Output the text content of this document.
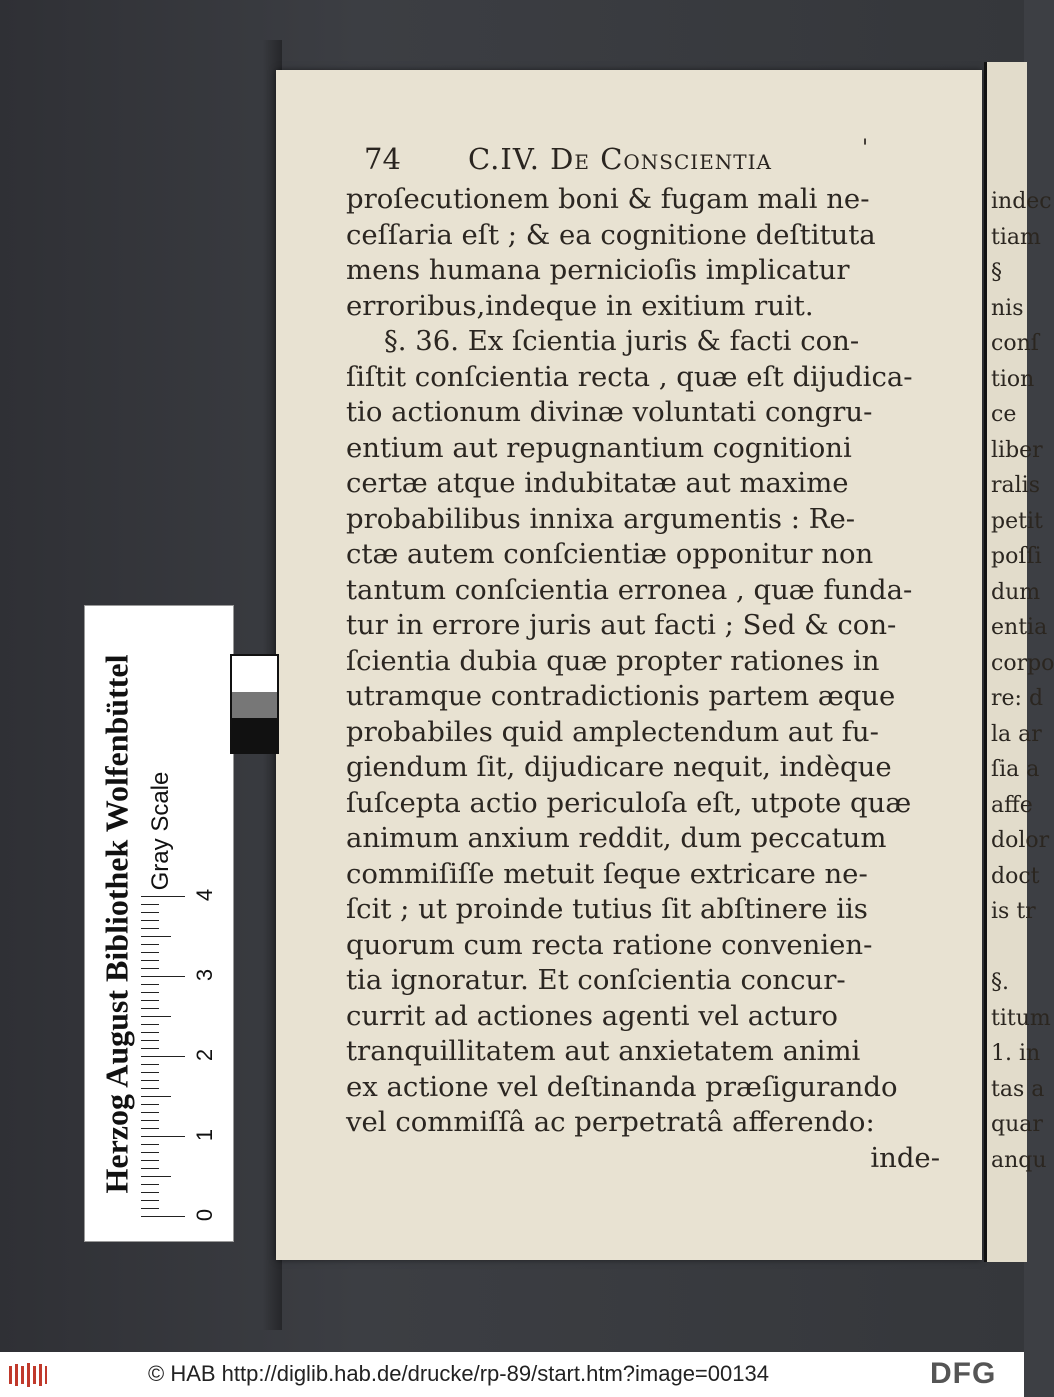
74 C.IV. De Conscientia	'
proſecutionem boni & fugam mali ne-
ceſſaria eſt ; & ea cognitione deſtituta
mens humana pernicioſis implicatur
erroribus,indeque in exitium ruit.
§. 36. Ex ſcientia juris & facti con-
ſiſtit conſcientia recta , quæ eſt dijudica-
tio actionum divinæ voluntati congru-
entium aut repugnantium cognitioni
certæ atque indubitatæ aut maxime
probabilibus innixa argumentis : Re-
ctæ autem conſcientiæ opponitur non
tantum conſcientia erronea , quæ funda-
tur in errore juris aut facti ; Sed & con-
ſcientia dubia quæ propter rationes in
utramque contradictionis partem æque
probabiles quid amplectendum aut fu-
giendum ſit, dijudicare nequit, indèque
ſuſcepta actio periculoſa eſt, utpote quæ
animum anxium reddit, dum peccatum
commiſiſſe metuit ſeque extricare ne-
ſcit ; ut proinde tutius ſit abſtinere iis
quorum cum recta ratione convenien-
tia ignoratur. Et conſcientia concur-
currit ad actiones agenti vel acturo
tranquillitatem aut anxietatem animi
ex actione vel deſtinanda præſigurando
vel commiſſâ ac perpetratâ afferendo:
inde-
indec
tiam
§
nis
conſ
tion
ce
liber
ralis
petit
poſſi
dum
entia
corpo
re: d
la ar
ſia a
affe
dolor
doct
is tr
§.
titum
1. in
tas a
quar
anqu
Herzog August Bibliothek Wolfenbüttel Gray Scale
0
1
2
3
4
© HAB http://diglib.hab.de/drucke/rp-89/start.htm?image=00134	DFG
